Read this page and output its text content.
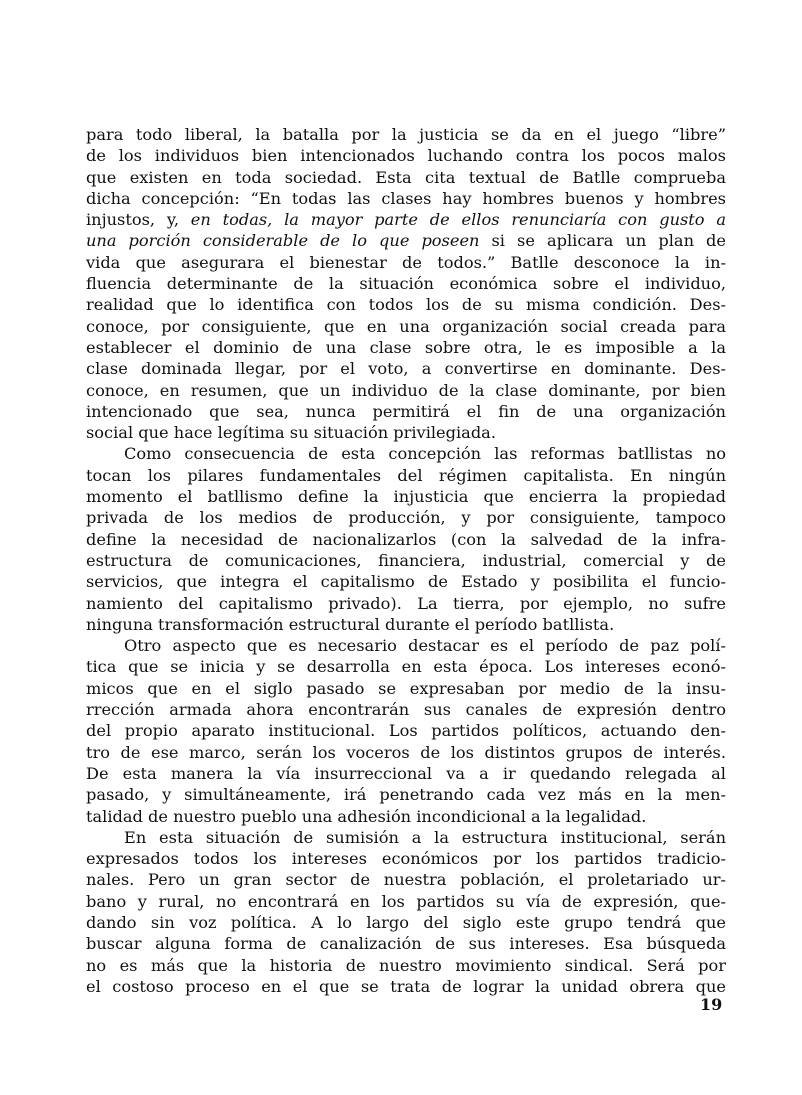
para todo liberal, la batalla por la justicia se da en el juego “libre”
de los individuos bien intencionados luchando contra los pocos malos
que existen en toda sociedad. Esta cita textual de Batlle comprueba
dicha concepción: “En todas las clases hay hombres buenos y hombres
injustos, y, en todas, la mayor parte de ellos renunciaría con gusto a
una porción considerable de lo que poseen si se aplicara un plan de
vida que asegurara el bienestar de todos.” Batlle desconoce la in-
fluencia determinante de la situación económica sobre el individuo,
realidad que lo identifica con todos los de su misma condición. Des-
conoce, por consiguiente, que en una organización social creada para
establecer el dominio de una clase sobre otra, le es imposible a la
clase dominada llegar, por el voto, a convertirse en dominante. Des-
conoce, en resumen, que un individuo de la clase dominante, por bien
intencionado que sea, nunca permitirá el fin de una organización
social que hace legítima su situación privilegiada.
Como consecuencia de esta concepción las reformas batllistas no
tocan los pilares fundamentales del régimen capitalista. En ningún
momento el batllismo define la injusticia que encierra la propiedad
privada de los medios de producción, y por consiguiente, tampoco
define la necesidad de nacionalizarlos (con la salvedad de la infra-
estructura de comunicaciones, financiera, industrial, comercial y de
servicios, que integra el capitalismo de Estado y posibilita el funcio-
namiento del capitalismo privado). La tierra, por ejemplo, no sufre
ninguna transformación estructural durante el período batllista.
Otro aspecto que es necesario destacar es el período de paz polí-
tica que se inicia y se desarrolla en esta época. Los intereses econó-
micos que en el siglo pasado se expresaban por medio de la insu-
rrección armada ahora encontrarán sus canales de expresión dentro
del propio aparato institucional. Los partidos políticos, actuando den-
tro de ese marco, serán los voceros de los distintos grupos de interés.
De esta manera la vía insurreccional va a ir quedando relegada al
pasado, y simultáneamente, irá penetrando cada vez más en la men-
talidad de nuestro pueblo una adhesión incondicional a la legalidad.
En esta situación de sumisión a la estructura institucional, serán
expresados todos los intereses económicos por los partidos tradicio-
nales. Pero un gran sector de nuestra población, el proletariado ur-
bano y rural, no encontrará en los partidos su vía de expresión, que-
dando sin voz política. A lo largo del siglo este grupo tendrá que
buscar alguna forma de canalización de sus intereses. Esa búsqueda
no es más que la historia de nuestro movimiento sindical. Será por
el costoso proceso en el que se trata de lograr la unidad obrera que
19
